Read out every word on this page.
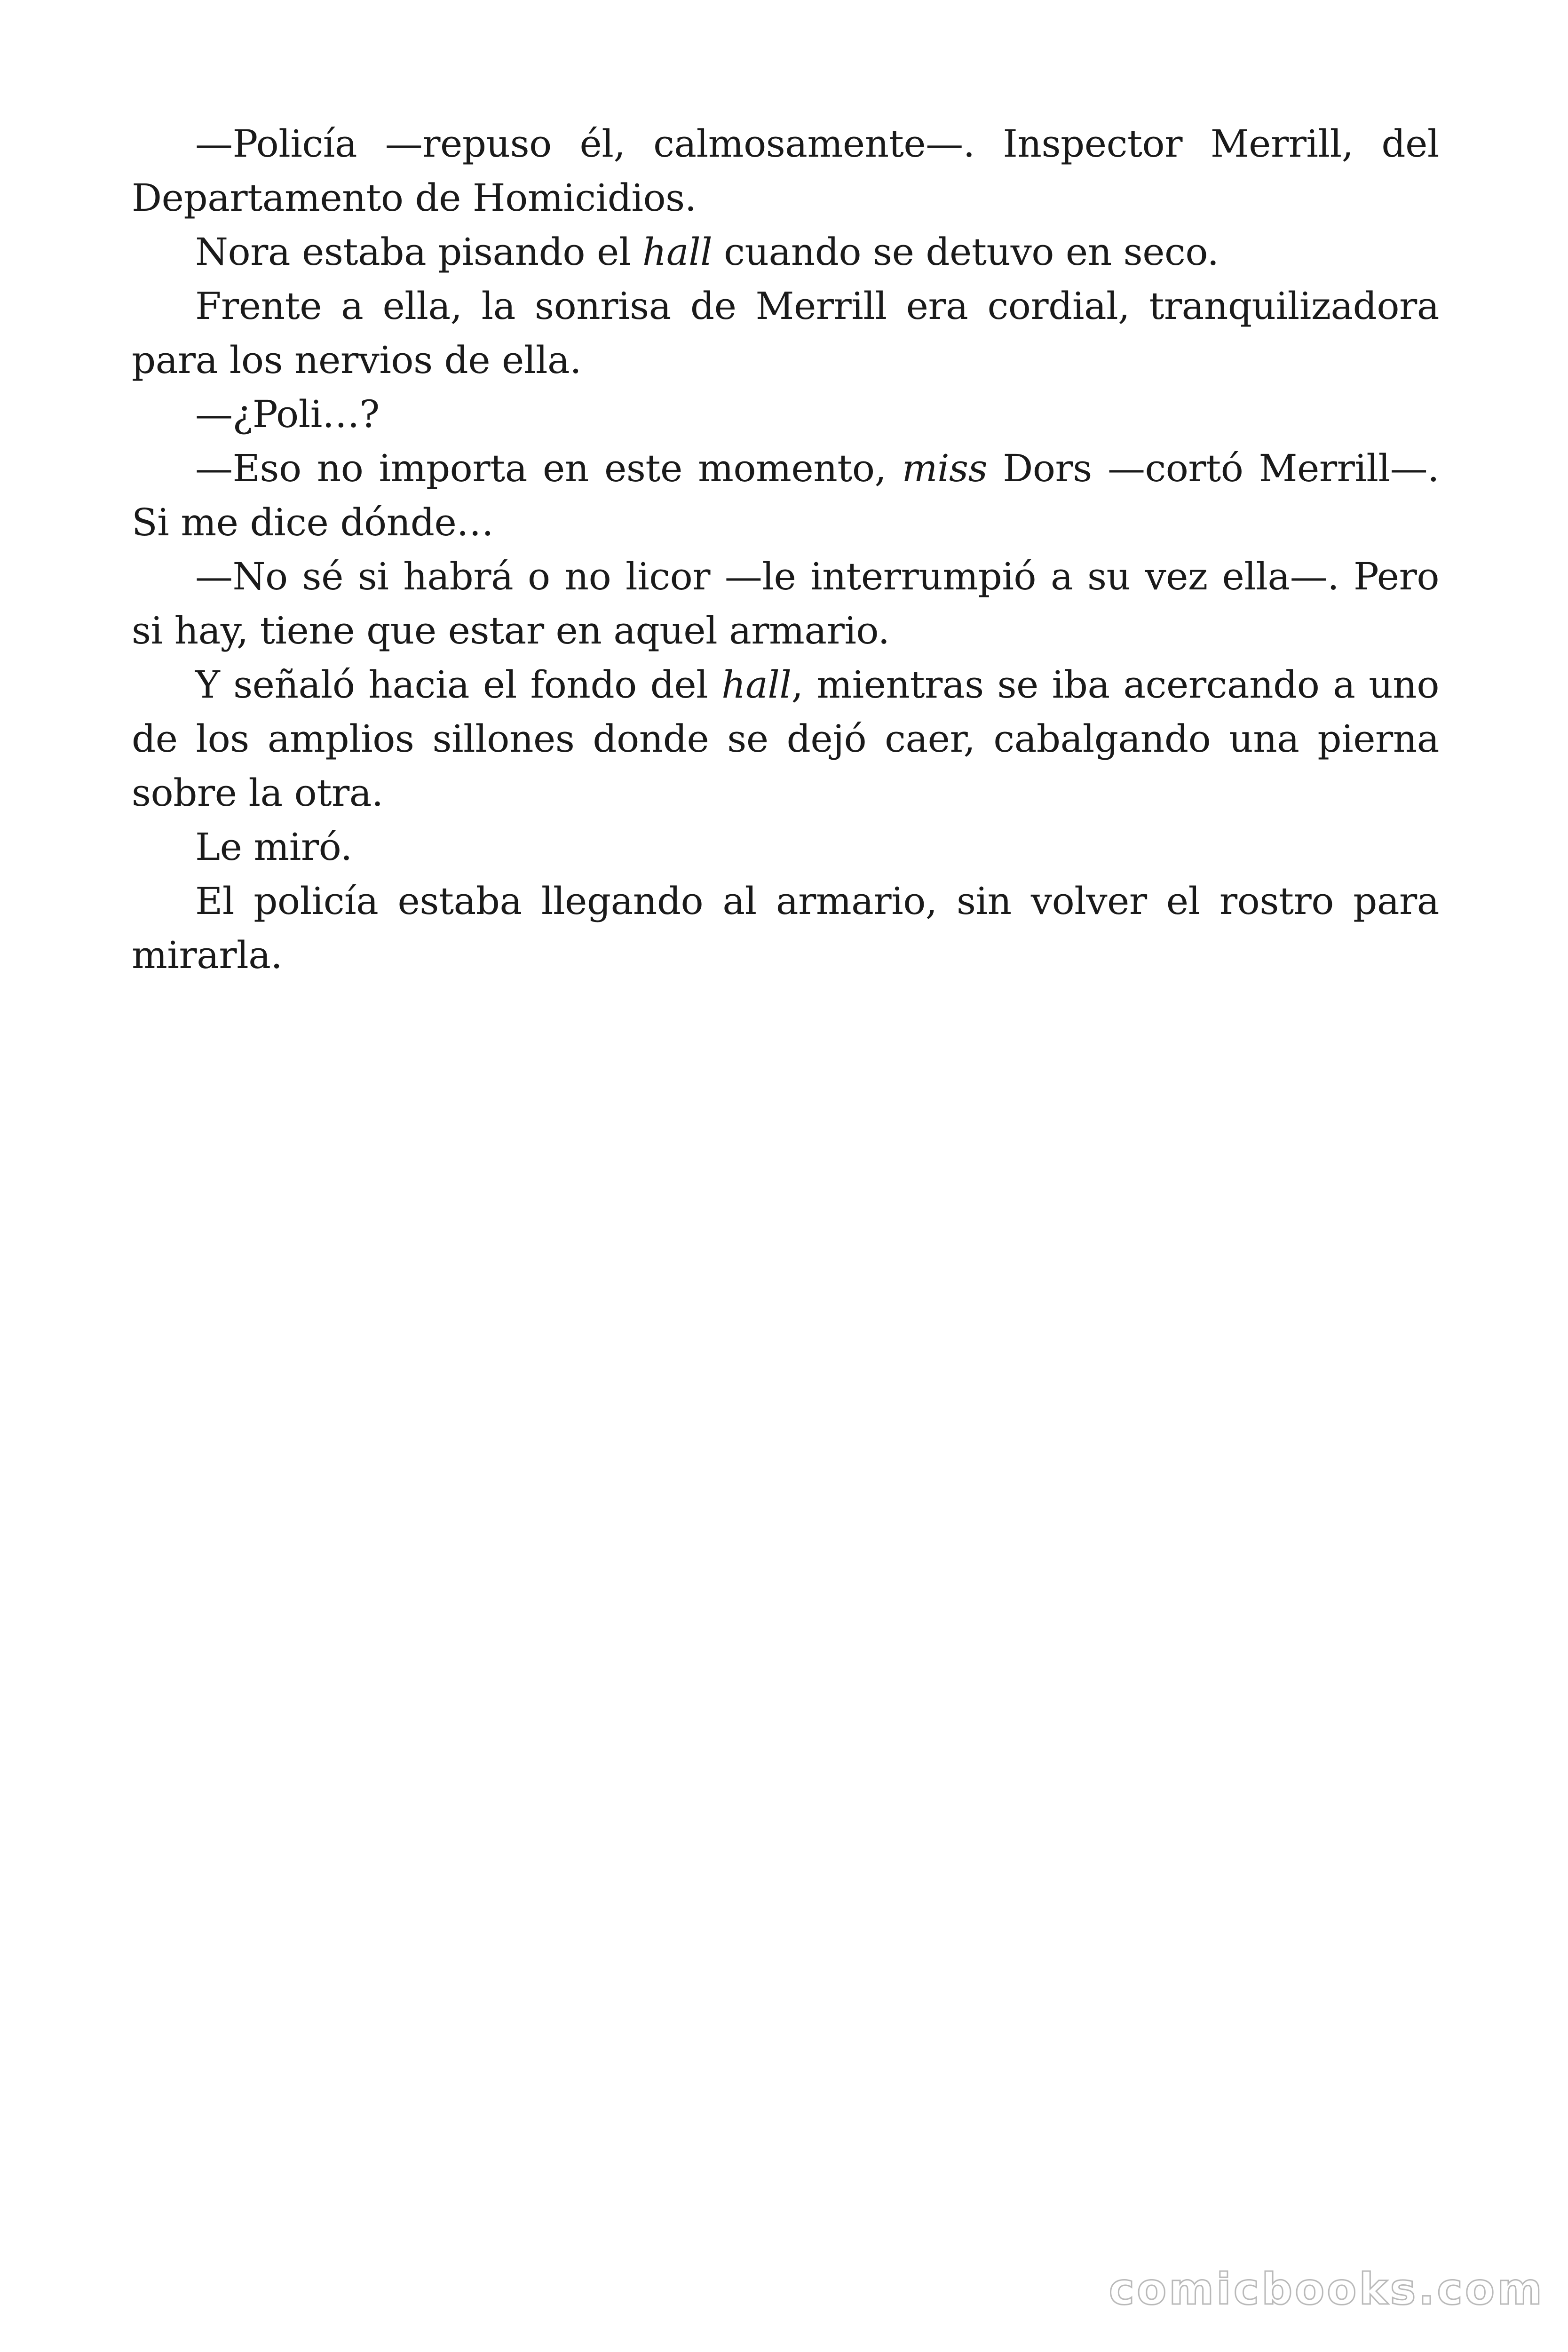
—Policía —repuso él, calmosamente—. Inspector Merrill, del Departamento de Homicidios.

Nora estaba pisando el hall cuando se detuvo en seco.

Frente a ella, la sonrisa de Merrill era cordial, tranquilizadora para los nervios de ella.

—¿Poli…?

—Eso no importa en este momento, miss Dors —cortó Merrill—. Si me dice dónde…

—No sé si habrá o no licor —le interrumpió a su vez ella—. Pero si hay, tiene que estar en aquel armario.

Y señaló hacia el fondo del hall, mientras se iba acercando a uno de los amplios sillones donde se dejó caer, cabalgando una pierna sobre la otra.

Le miró.

El policía estaba llegando al armario, sin volver el rostro para mirarla.

comicbooks.com
